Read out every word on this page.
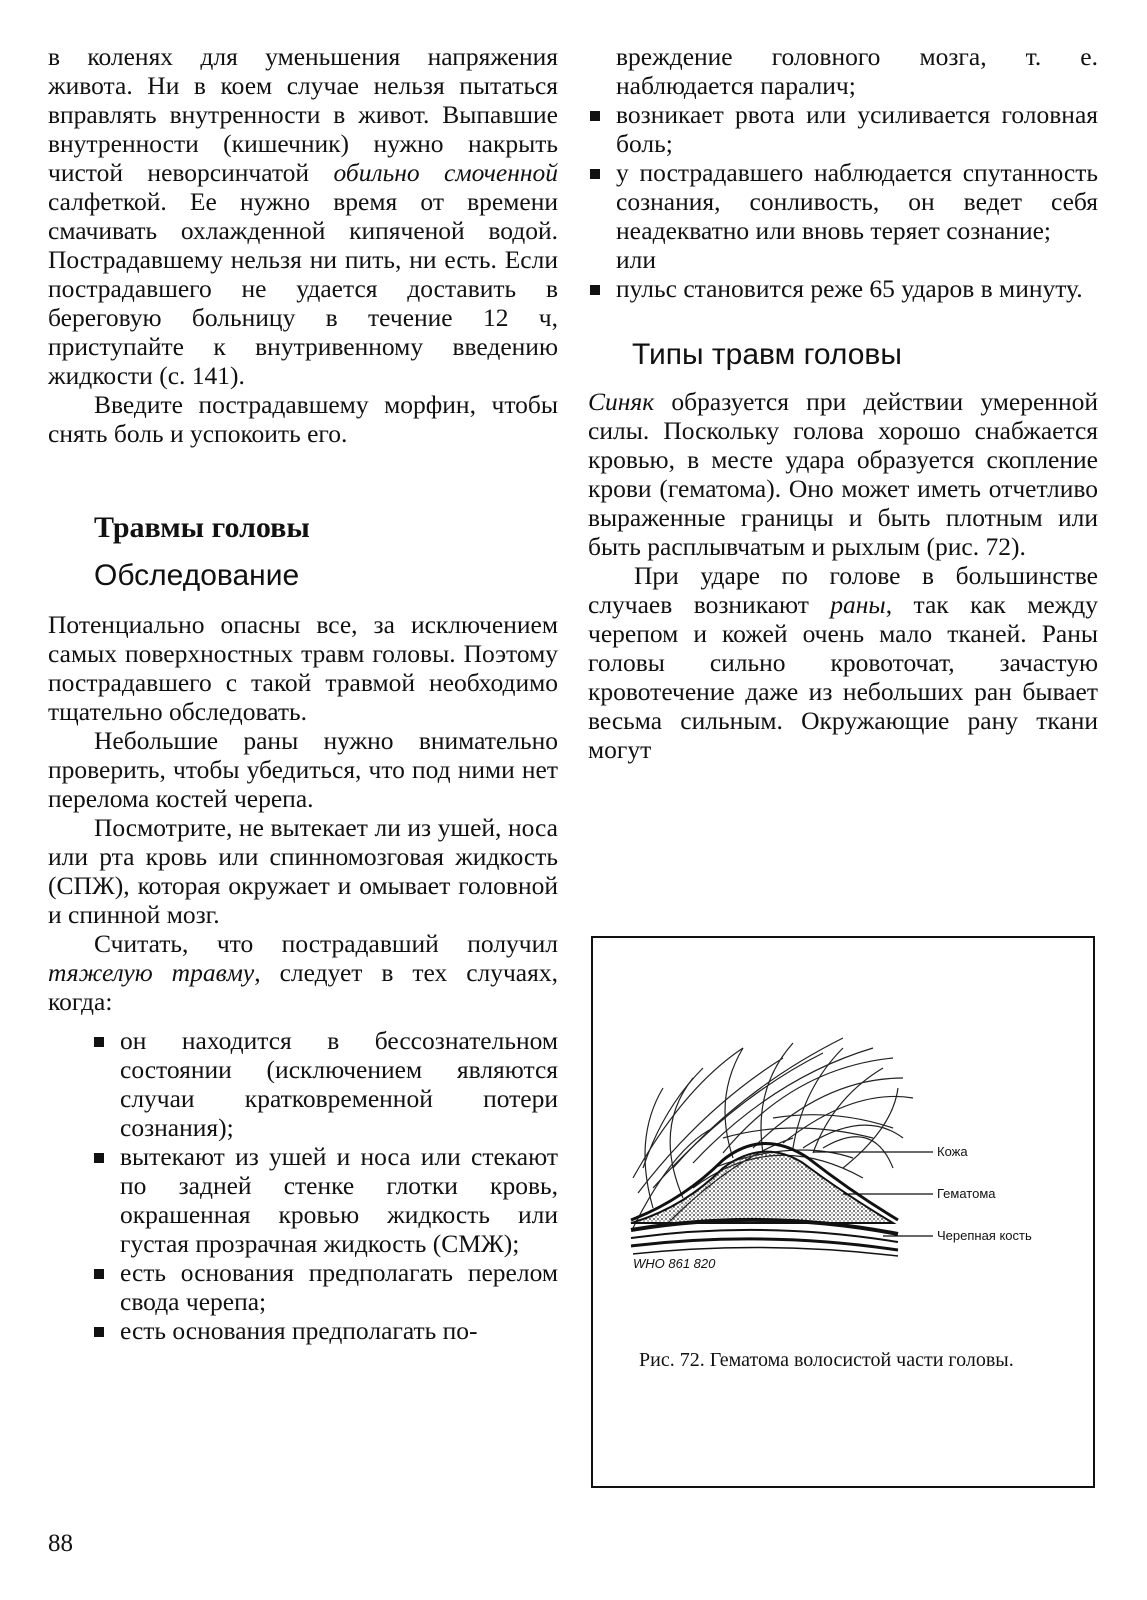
в коленях для уменьшения напряжения живота. Ни в коем случае нельзя пытаться вправлять внутренности в живот. Выпавшие внутренности (кишечник) нужно накрыть чистой неворсинчатой обильно смоченной салфеткой. Ее нужно время от времени смачивать охлажденной кипяченой водой. Пострадавшему нельзя ни пить, ни есть. Если пострадавшего не удается доставить в береговую больницу в течение 12 ч, приступайте к внутривенному введению жидкости (с. 141).

Введите пострадавшему морфин, чтобы снять боль и успокоить его.

Травмы головы
Обследование

Потенциально опасны все, за исключением самых поверхностных травм головы. Поэтому пострадавшего с такой травмой необходимо тщательно обследовать.

Небольшие раны нужно внимательно проверить, чтобы убедиться, что под ними нет перелома костей черепа.

Посмотрите, не вытекает ли из ушей, носа или рта кровь или спинномозговая жидкость (СПЖ), которая окружает и омывает головной и спинной мозг.

Считать, что пострадавший получил тяжелую травму, следует в тех случаях, когда:

он находится в бессознательном состоянии (исключением являются случаи кратковременной потери сознания);
вытекают из ушей и носа или стекают по задней стенке глотки кровь, окрашенная кровью жидкость или густая прозрачная жидкость (СМЖ);
есть основания предполагать перелом свода черепа;
есть основания предполагать по-

вреждение головного мозга, т. е. наблюдается паралич;

возникает рвота или усиливается головная боль;
у пострадавшего наблюдается спутанность сознания, сонливость, он ведет себя неадекватно или вновь теряет сознание;
или
пульс становится реже 65 ударов в минуту.
Типы травм головы

Синяк образуется при действии умеренной силы. Поскольку голова хорошо снабжается кровью, в месте удара образуется скопление крови (гематома). Оно может иметь отчетливо выраженные границы и быть плотным или быть расплывчатым и рыхлым (рис. 72).

При ударе по голове в большинстве случаев возникают раны, так как между черепом и кожей очень мало тканей. Раны головы сильно кровоточат, зачастую кровотечение даже из небольших ран бывает весьма сильным. Окружающие рану ткани могут

Кожа
Гематома
Черепная кость
WHO 861 820
Рис. 72. Гематома волосистой части головы.
88
